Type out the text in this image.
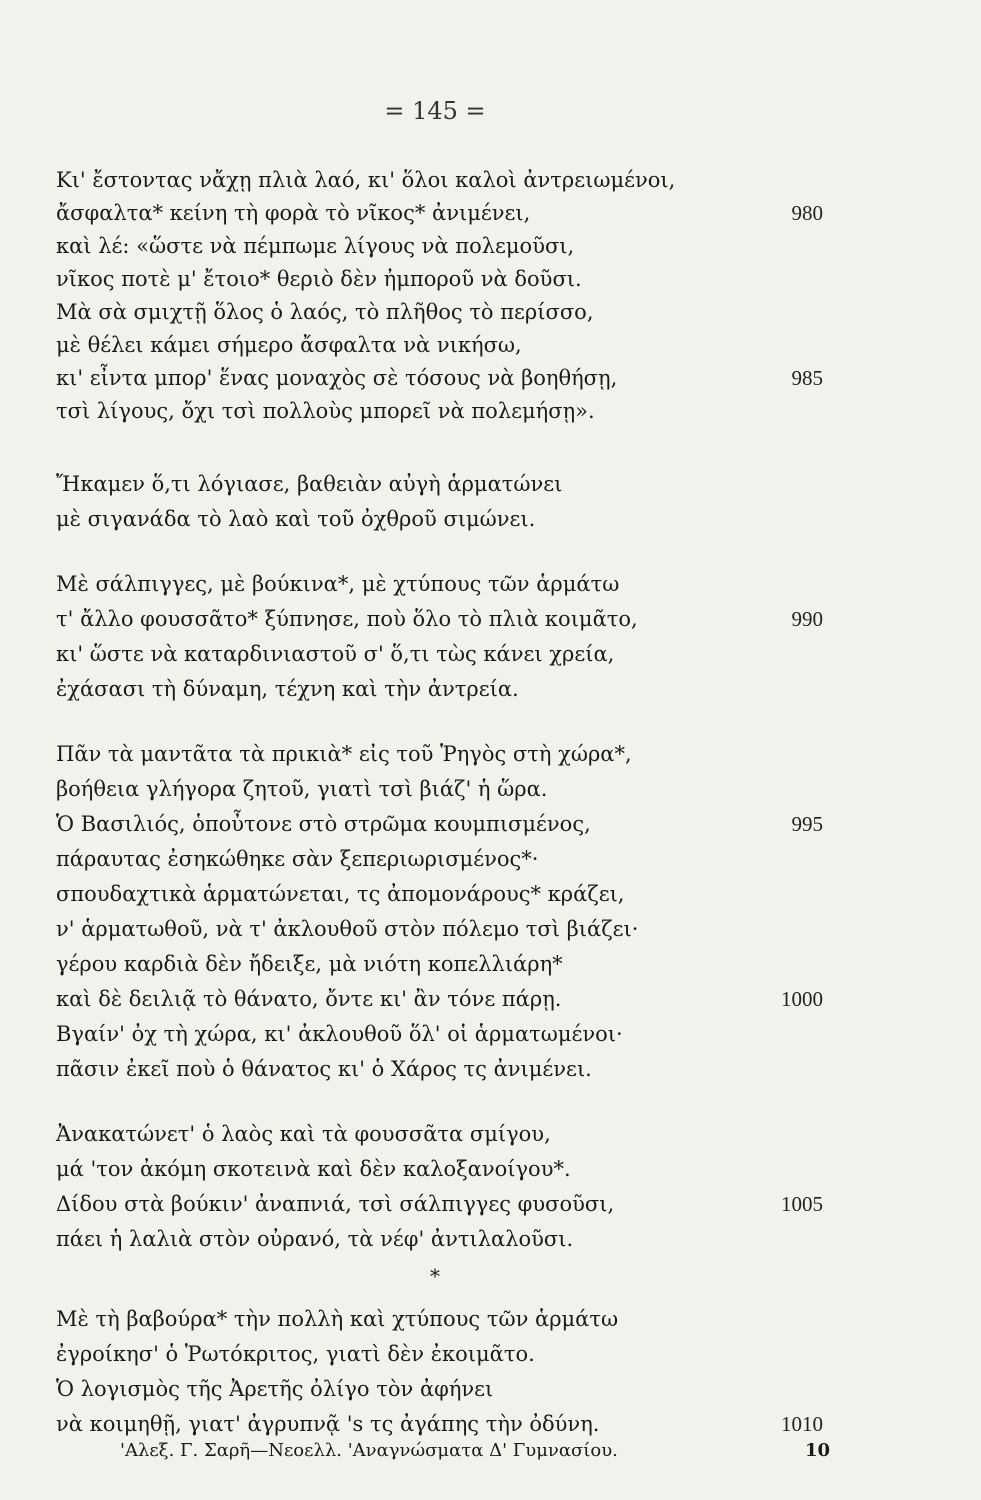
= 145 =
Κι' ἔστοντας νἄχῃ πλιὰ λαό, κι' ὅλοι καλοὶ ἀντρειωμένοι,
ἄσφαλτα* κείνη τὴ φορὰ τὸ νῖκος* ἀνιμένει,
καὶ λέ: «ὥστε νὰ πέμπωμε λίγους νὰ πολεμοῦσι,
νῖκος ποτὲ μ' ἔτοιο* θεριὸ δὲν ἠμποροῦ νὰ δοῦσι.
Μὰ σὰ σμιχτῇ ὅλος ὁ λαός, τὸ πλῆθος τὸ περίσσο,
μὲ θέλει κάμει σήμερο ἄσφαλτα νὰ νικήσω,
κι' εἶντα μπορ' ἕνας μοναχὸς σὲ τόσους νὰ βοηθήσῃ,
τσὶ λίγους, ὄχι τσὶ πολλοὺς μπορεῖ νὰ πολεμήσῃ».
Ἤκαμεν ὅ,τι λόγιασε, βαθειὰν αὐγὴ ἁρματώνει
μὲ σιγανάδα τὸ λαὸ καὶ τοῦ ὀχθροῦ σιμώνει.
Μὲ σάλπιγγες, μὲ βούκινα*, μὲ χτύπους τῶν ἁρμάτω
τ' ἄλλο φουσσᾶτο* ξύπνησε, ποὺ ὅλο τὸ πλιὰ κοιμᾶτο,
κι' ὥστε νὰ καταρδινιαστοῦ σ' ὅ,τι τὼς κάνει χρεία,
ἐχάσασι τὴ δύναμη, τέχνη καὶ τὴν ἀντρεία.
Πᾶν τὰ μαντᾶτα τὰ πρικιὰ* εἰς τοῦ Ῥηγὸς στὴ χώρα*,
βοήθεια γλήγορα ζητοῦ, γιατὶ τσὶ βιάζ' ἡ ὥρα.
Ὁ Βασιλιός, ὁποὖτονε στὸ στρῶμα κουμπισμένος,
πάραυτας ἐσηκώθηκε σὰν ξεπεριωρισμένος*·
σπουδαχτικὰ ἁρματώνεται, τς ἀπομονάρους* κράζει,
ν' ἁρματωθοῦ, νὰ τ' ἀκλουθοῦ στὸν πόλεμο τσὶ βιάζει·
γέρου καρδιὰ δὲν ἤδειξε, μὰ νιότη κοπελλιάρη*
καὶ δὲ δειλιᾷ τὸ θάνατο, ὄντε κι' ἂν τόνε πάρῃ.
Βγαίν' ὀχ τὴ χώρα, κι' ἀκλουθοῦ ὅλ' οἱ ἁρματωμένοι·
πᾶσιν ἐκεῖ ποὺ ὁ θάνατος κι' ὁ Χάρος τς ἀνιμένει.
Ἀνακατώνετ' ὁ λαὸς καὶ τὰ φουσσᾶτα σμίγου,
μά 'τον ἀκόμη σκοτεινὰ καὶ δὲν καλοξανοίγου*.
Δίδου στὰ βούκιν' ἀναπνιά, τσὶ σάλπιγγες φυσοῦσι,
πάει ἡ λαλιὰ στὸν οὐρανό, τὰ νέφ' ἀντιλαλοῦσι.
*
Μὲ τὴ βαβούρα* τὴν πολλὴ καὶ χτύπους τῶν ἁρμάτω
ἐγροίκησ' ὁ Ῥωτόκριτος, γιατὶ δὲν ἐκοιμᾶτο.
Ὁ λογισμὸς τῆς Ἀρετῆς ὀλίγο τὸν ἀφήνει
νὰ κοιμηθῇ, γιατ' ἀγρυπνᾷ 's τς ἀγάπης τὴν ὀδύνη.
980
985
990
995
1000
1005
1010
'Αλεξ. Γ. Σαρῆ—Νεοελλ. 'Αναγνώσματα Δ' Γυμνασίου.	10
